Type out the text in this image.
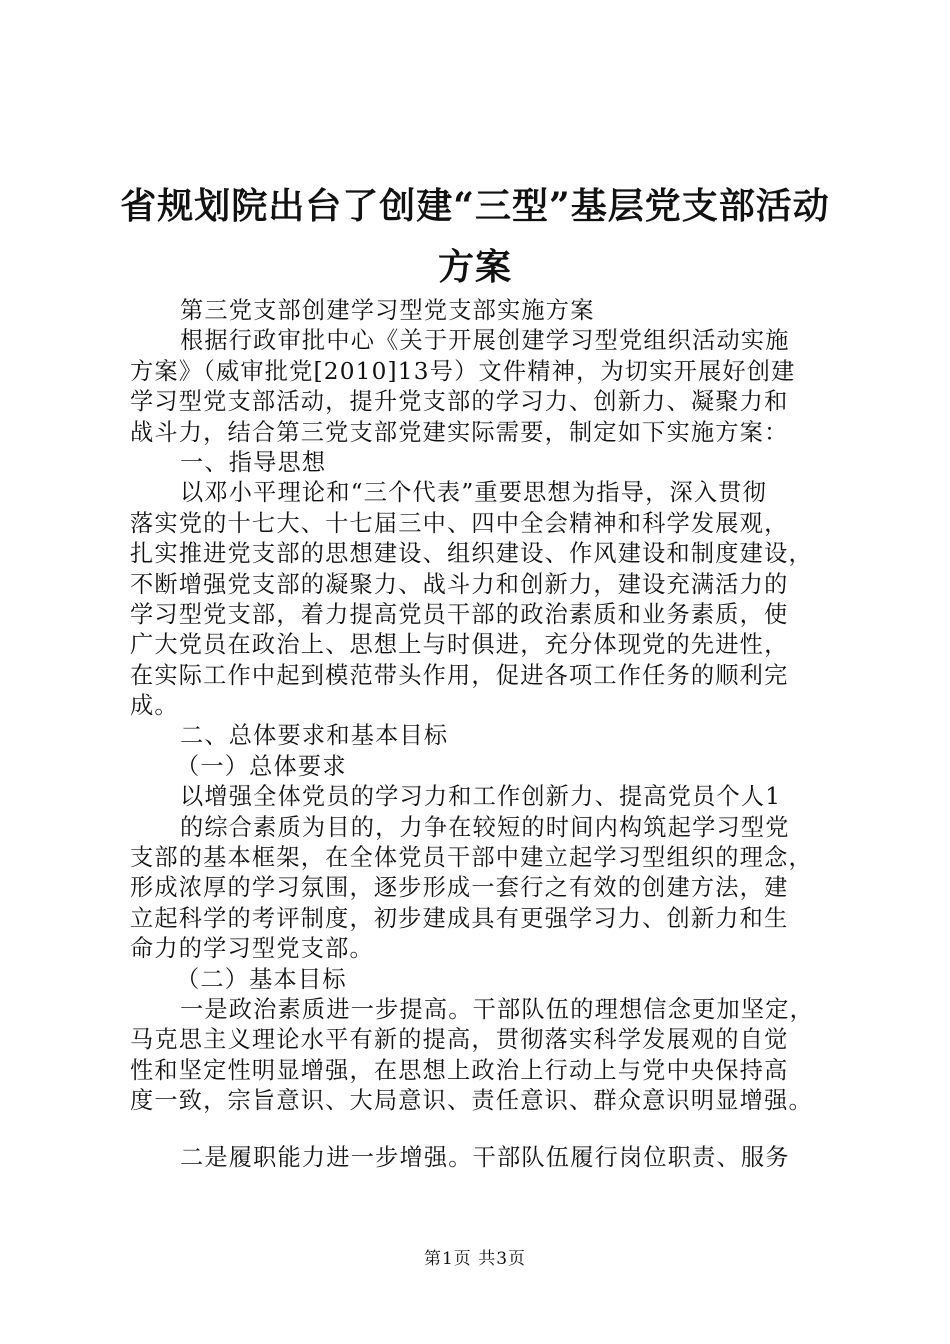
省规划院出台了创建“三型”基层党支部活动
方案
第三党支部创建学习型党支部实施方案
根据行政审批中心《关于开展创建学习型党组织活动实施
方案》（威审批党[2010]13号）文件精神，为切实开展好创建
学习型党支部活动，提升党支部的学习力、创新力、凝聚力和
战斗力，结合第三党支部党建实际需要，制定如下实施方案：
一、指导思想
以邓小平理论和“三个代表”重要思想为指导，深入贯彻
落实党的十七大、十七届三中、四中全会精神和科学发展观，
扎实推进党支部的思想建设、组织建设、作风建设和制度建设，
不断增强党支部的凝聚力、战斗力和创新力，建设充满活力的
学习型党支部，着力提高党员干部的政治素质和业务素质，使
广大党员在政治上、思想上与时俱进，充分体现党的先进性，
在实际工作中起到模范带头作用，促进各项工作任务的顺利完
成。
二、总体要求和基本目标
（一）总体要求
以增强全体党员的学习力和工作创新力、提高党员个人1
的综合素质为目的，力争在较短的时间内构筑起学习型党
支部的基本框架，在全体党员干部中建立起学习型组织的理念，
形成浓厚的学习氛围，逐步形成一套行之有效的创建方法，建
立起科学的考评制度，初步建成具有更强学习力、创新力和生
命力的学习型党支部。
（二）基本目标
一是政治素质进一步提高。干部队伍的理想信念更加坚定，
马克思主义理论水平有新的提高，贯彻落实科学发展观的自觉
性和坚定性明显增强，在思想上政治上行动上与党中央保持高
度一致，宗旨意识、大局意识、责任意识、群众意识明显增强。
二是履职能力进一步增强。干部队伍履行岗位职责、服务
第1页 共3页
